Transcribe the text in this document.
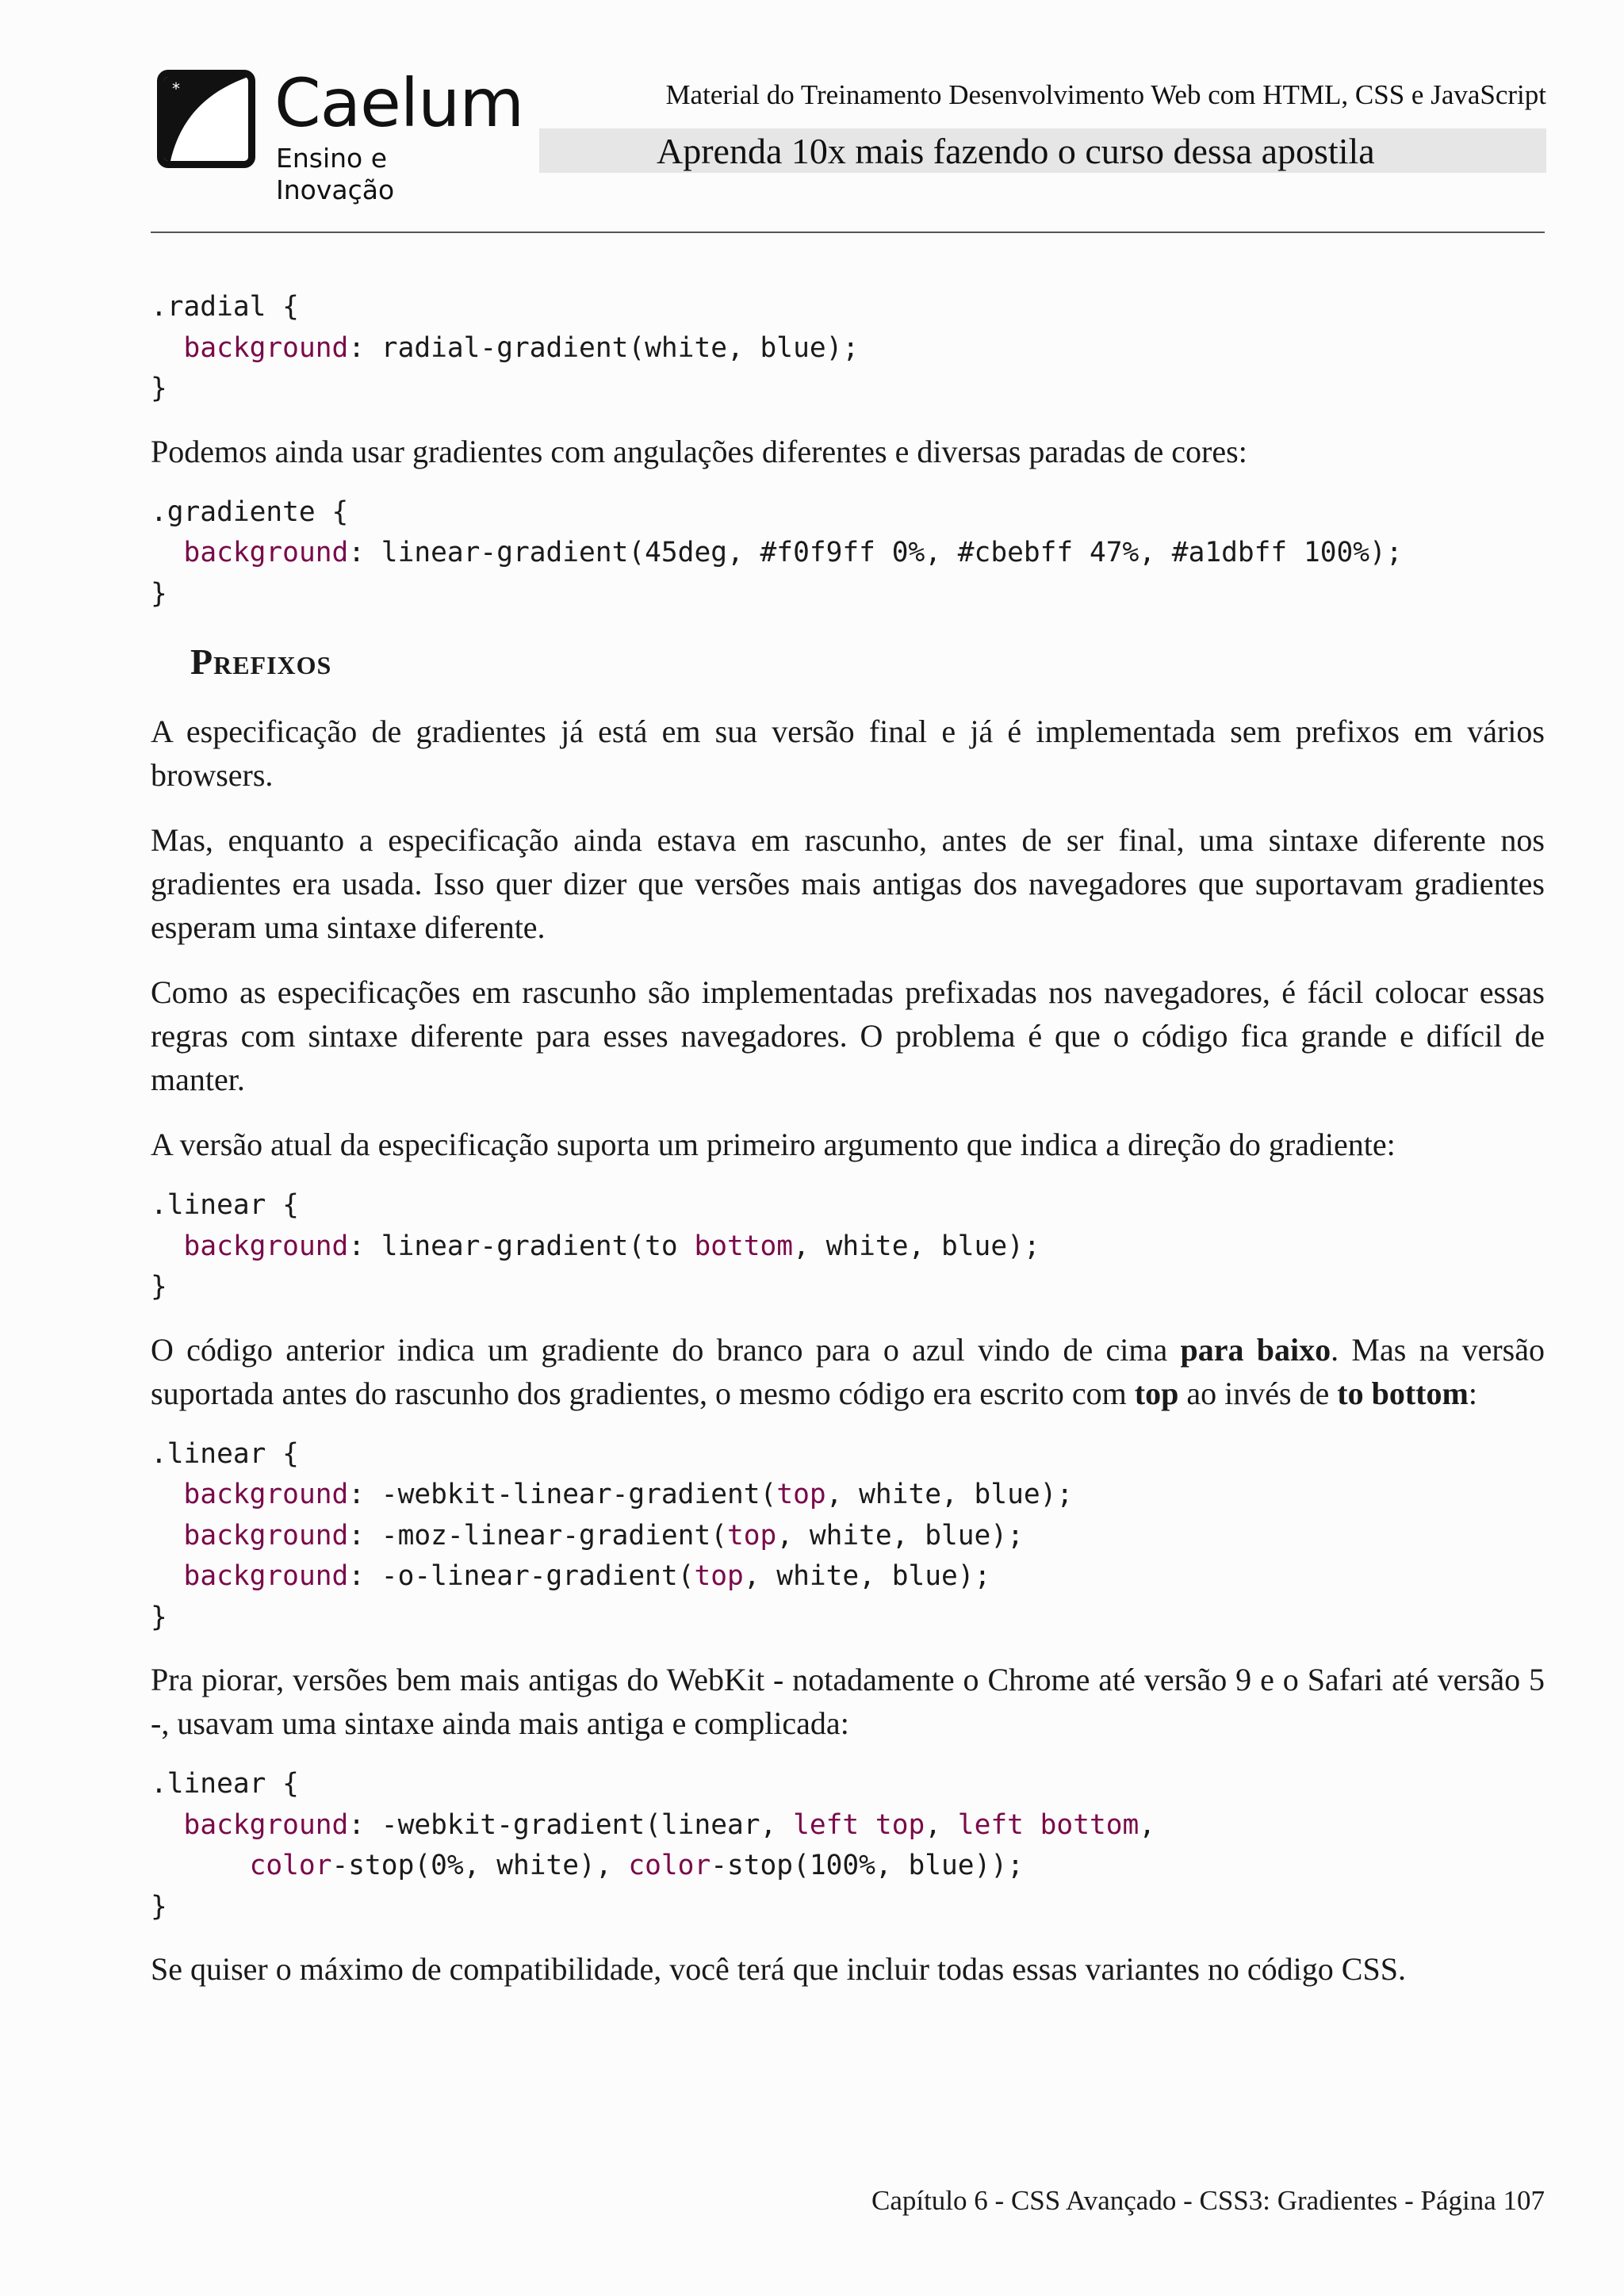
* Caelum
Ensino e Inovação
Material do Treinamento Desenvolvimento Web com HTML, CSS e JavaScript
Aprenda 10x mais fazendo o curso dessa apostila
.radial {
background: radial-gradient(white, blue);
}

Podemos ainda usar gradientes com angulações diferentes e diversas paradas de cores:

.gradiente {
background: linear-gradient(45deg, #f0f9ff 0%, #cbebff 47%, #a1dbff 100%);
}
Prefixos

A especificação de gradientes já está em sua versão final e já é implementada sem prefixos em vários browsers.

Mas, enquanto a especificação ainda estava em rascunho, antes de ser final, uma sintaxe diferente nos gradientes era usada. Isso quer dizer que versões mais antigas dos navegadores que suportavam gradientes esperam uma sintaxe diferente.

Como as especificações em rascunho são implementadas prefixadas nos navegadores, é fácil colocar essas regras com sintaxe diferente para esses navegadores. O problema é que o código fica grande e difícil de manter.

A versão atual da especificação suporta um primeiro argumento que indica a direção do gradiente:

.linear {
background: linear-gradient(to bottom, white, blue);
}

O código anterior indica um gradiente do branco para o azul vindo de cima para baixo. Mas na versão suportada antes do rascunho dos gradientes, o mesmo código era escrito com top ao invés de to bottom:

.linear {
background: -webkit-linear-gradient(top, white, blue);
background: -moz-linear-gradient(top, white, blue);
background: -o-linear-gradient(top, white, blue);
}

Pra piorar, versões bem mais antigas do WebKit - notadamente o Chrome até versão 9 e o Safari até versão 5 -, usavam uma sintaxe ainda mais antiga e complicada:

.linear {
background: -webkit-gradient(linear, left top, left bottom,
color-stop(0%, white), color-stop(100%, blue));
}

Se quiser o máximo de compatibilidade, você terá que incluir todas essas variantes no código CSS.

Capítulo 6 - CSS Avançado - CSS3: Gradientes - Página 107
